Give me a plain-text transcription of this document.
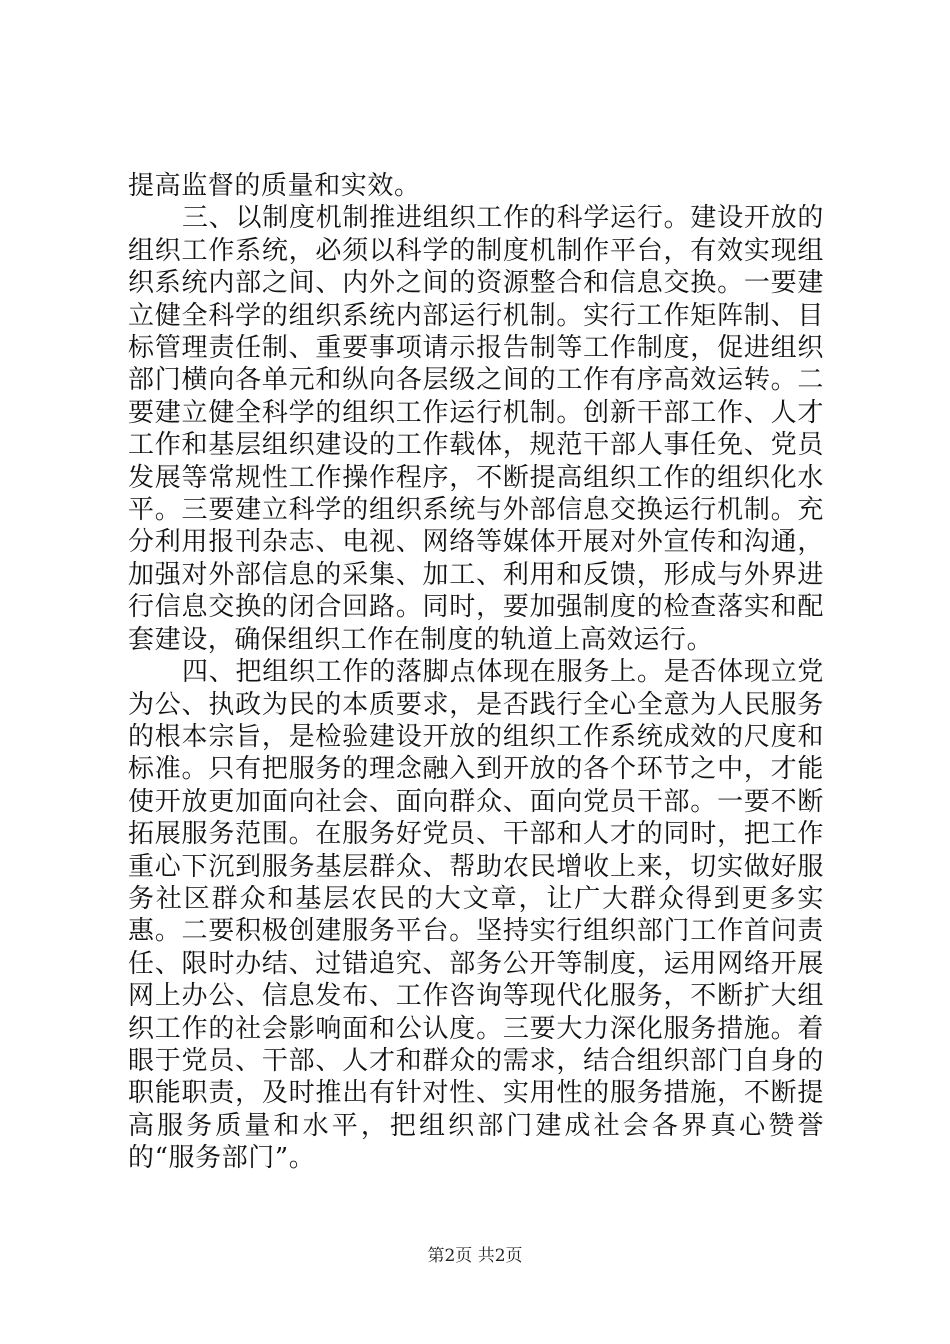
提高监督的质量和实效。

三、以制度机制推进组织工作的科学运行。建设开放的组织工作系统，必须以科学的制度机制作平台，有效实现组织系统内部之间、内外之间的资源整合和信息交换。一要建立健全科学的组织系统内部运行机制。实行工作矩阵制、目标管理责任制、重要事项请示报告制等工作制度，促进组织部门横向各单元和纵向各层级之间的工作有序高效运转。二要建立健全科学的组织工作运行机制。创新干部工作、人才工作和基层组织建设的工作载体，规范干部人事任免、党员发展等常规性工作操作程序，不断提高组织工作的组织化水平。三要建立科学的组织系统与外部信息交换运行机制。充分利用报刊杂志、电视、网络等媒体开展对外宣传和沟通，加强对外部信息的采集、加工、利用和反馈，形成与外界进行信息交换的闭合回路。同时，要加强制度的检查落实和配套建设，确保组织工作在制度的轨道上高效运行。

四、把组织工作的落脚点体现在服务上。是否体现立党为公、执政为民的本质要求，是否践行全心全意为人民服务的根本宗旨，是检验建设开放的组织工作系统成效的尺度和标准。只有把服务的理念融入到开放的各个环节之中，才能使开放更加面向社会、面向群众、面向党员干部。一要不断拓展服务范围。在服务好党员、干部和人才的同时，把工作重心下沉到服务基层群众、帮助农民增收上来，切实做好服务社区群众和基层农民的大文章，让广大群众得到更多实惠。二要积极创建服务平台。坚持实行组织部门工作首问责任、限时办结、过错追究、部务公开等制度，运用网络开展网上办公、信息发布、工作咨询等现代化服务，不断扩大组织工作的社会影响面和公认度。三要大力深化服务措施。着眼于党员、干部、人才和群众的需求，结合组织部门自身的职能职责，及时推出有针对性、实用性的服务措施，不断提高服务质量和水平，把组织部门建成社会各界真心赞誉的“服务部门”。

第2页 共2页
